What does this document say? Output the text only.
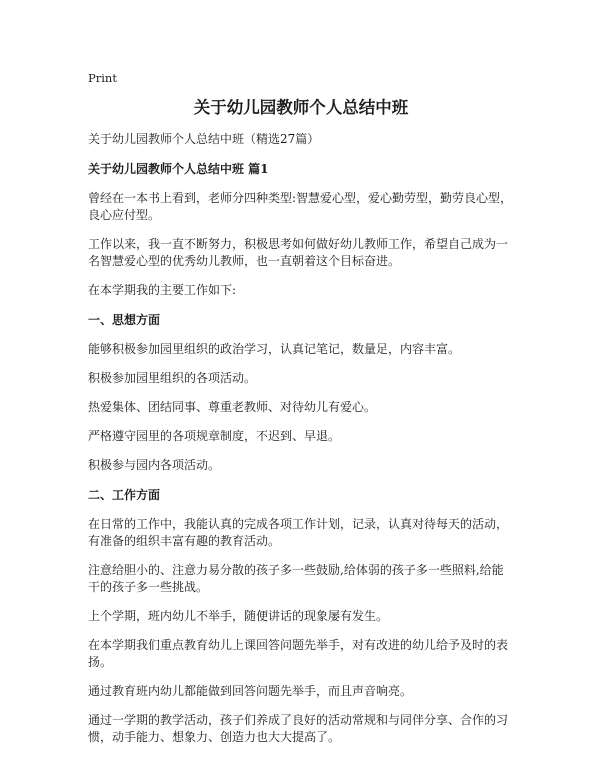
Print
关于幼儿园教师个人总结中班
关于幼儿园教师个人总结中班（精选27篇）
关于幼儿园教师个人总结中班 篇1
曾经在一本书上看到，老师分四种类型:智慧爱心型，爱心勤劳型，勤劳良心型，良心应付型。
工作以来，我一直不断努力，积极思考如何做好幼儿教师工作，希望自己成为一名智慧爱心型的优秀幼儿教师，也一直朝着这个目标奋进。
在本学期我的主要工作如下:
一、思想方面
能够积极参加园里组织的政治学习，认真记笔记，数量足，内容丰富。
积极参加园里组织的各项活动。
热爱集体、团结同事、尊重老教师、对待幼儿有爱心。
严格遵守园里的各项规章制度，不迟到、早退。
积极参与园内各项活动。
二、工作方面
在日常的工作中，我能认真的完成各项工作计划，记录，认真对待每天的活动，有准备的组织丰富有趣的教育活动。
注意给胆小的、注意力易分散的孩子多一些鼓励,给体弱的孩子多一些照料,给能干的孩子多一些挑战。
上个学期，班内幼儿不举手，随便讲话的现象屡有发生。
在本学期我们重点教育幼儿上课回答问题先举手，对有改进的幼儿给予及时的表扬。
通过教育班内幼儿都能做到回答问题先举手，而且声音响亮。
通过一学期的教学活动，孩子们养成了良好的活动常规和与同伴分享、合作的习惯，动手能力、想象力、创造力也大大提高了。
